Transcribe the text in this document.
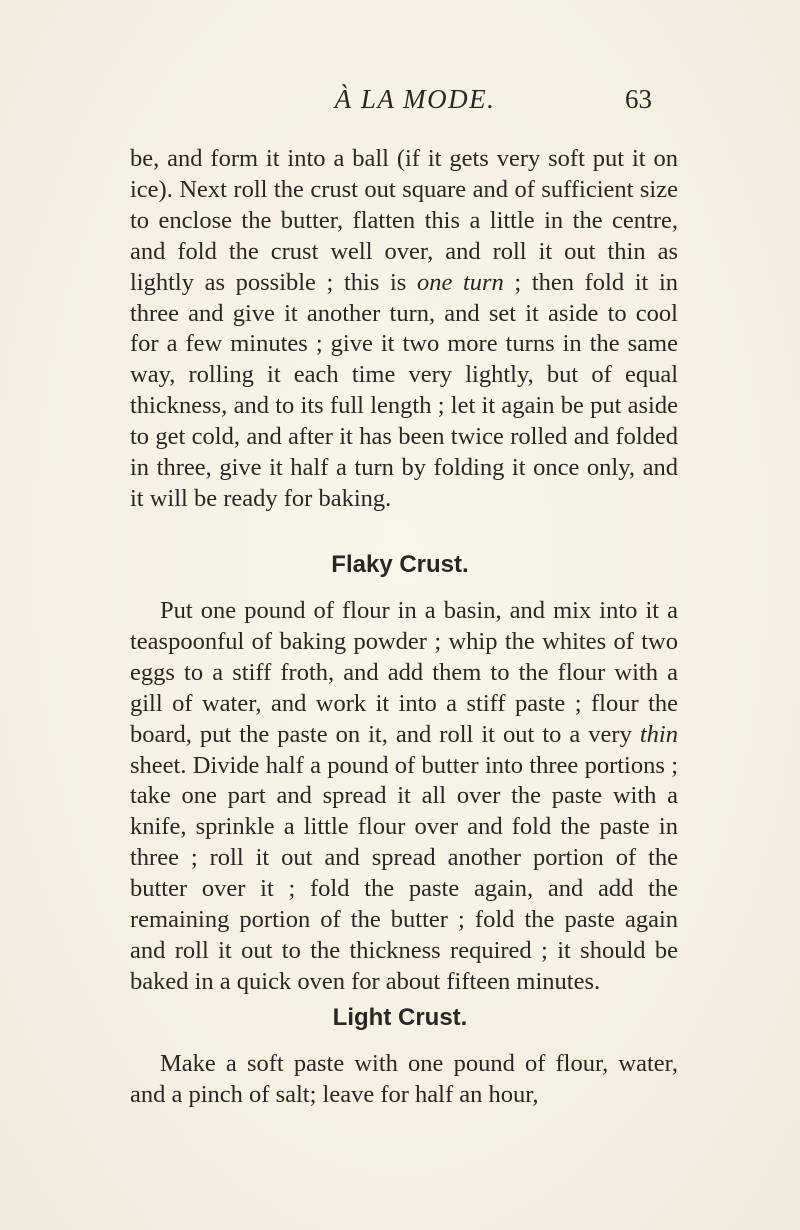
À LA MODE.	63

be, and form it into a ball (if it gets very soft put it on ice). Next roll the crust out square and of sufficient size to enclose the butter, flatten this a little in the centre, and fold the crust well over, and roll it out thin as lightly as possible ; this is one turn ; then fold it in three and give it another turn, and set it aside to cool for a few minutes ; give it two more turns in the same way, rolling it each time very lightly, but of equal thickness, and to its full length ; let it again be put aside to get cold, and after it has been twice rolled and folded in three, give it half a turn by folding it once only, and it will be ready for baking.

Flaky Crust.

Put one pound of flour in a basin, and mix into it a teaspoonful of baking powder ; whip the whites of two eggs to a stiff froth, and add them to the flour with a gill of water, and work it into a stiff paste ; flour the board, put the paste on it, and roll it out to a very thin sheet. Divide half a pound of butter into three portions ; take one part and spread it all over the paste with a knife, sprinkle a little flour over and fold the paste in three ; roll it out and spread another portion of the butter over it ; fold the paste again, and add the remaining portion of the butter ; fold the paste again and roll it out to the thickness required ; it should be baked in a quick oven for about fifteen minutes.

Light Crust.

Make a soft paste with one pound of flour, water, and a pinch of salt; leave for half an hour,
